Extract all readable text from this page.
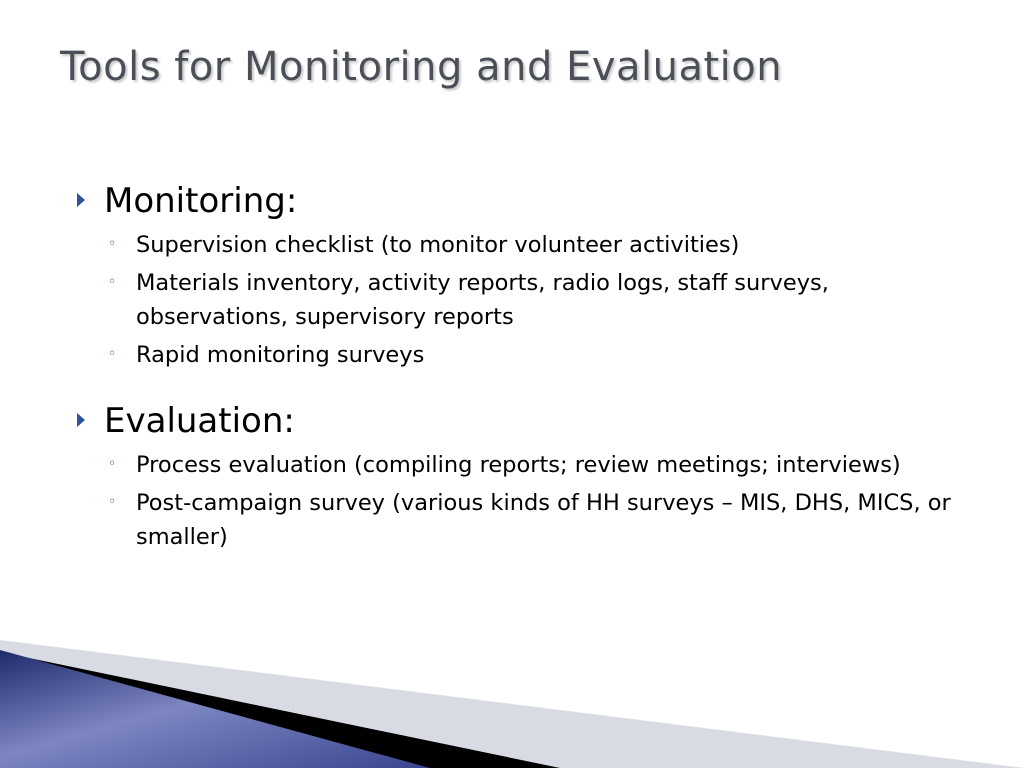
Tools for Monitoring and Evaluation
Monitoring:
◦ Supervision checklist (to monitor volunteer activities)
◦ Materials inventory, activity reports, radio logs, staff surveys, observations, supervisory reports
◦ Rapid monitoring surveys
Evaluation:
◦ Process evaluation (compiling reports; review meetings; interviews)
◦ Post-campaign survey (various kinds of HH surveys – MIS, DHS, MICS, or smaller)
